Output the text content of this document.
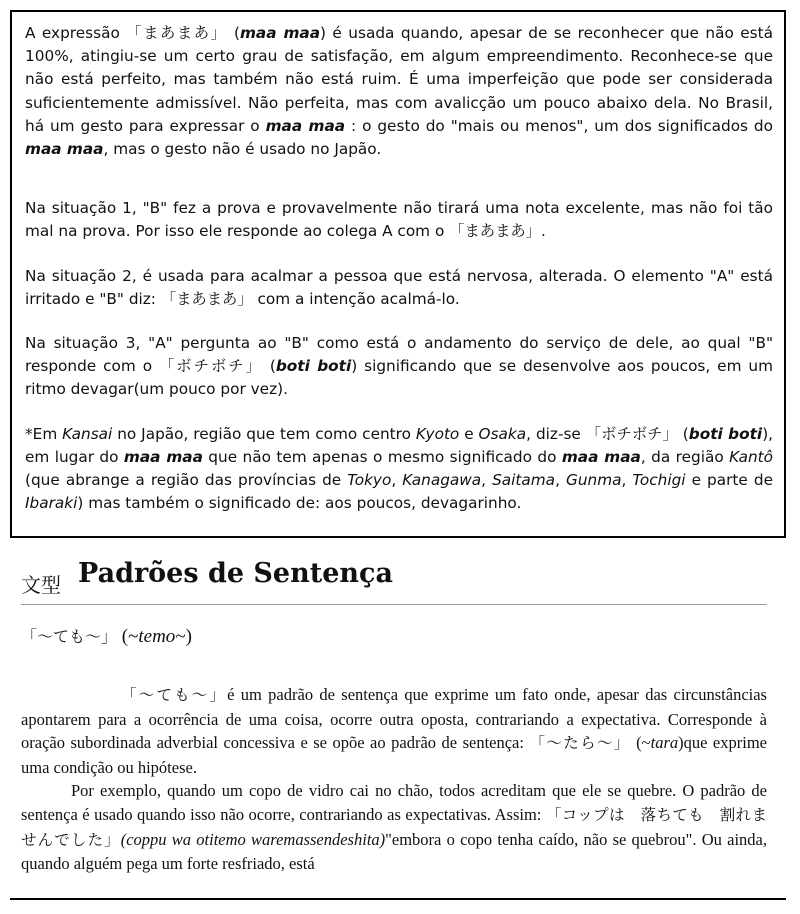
A expressão 「まあまあ」 (maa maa) é usada quando, apesar de se reconhecer que não está 100%, atingiu-se um certo grau de satisfação, em algum empreendimento. Reconhece-se que não está perfeito, mas também não está ruim. É uma imperfeição que pode ser considerada suficientemente admissível. Não perfeita, mas com avalicção um pouco abaixo dela. No Brasil, há um gesto para expressar o maa maa : o gesto do "mais ou menos", um dos significados do maa maa, mas o gesto não é usado no Japão.

Na situação 1, "B" fez a prova e provavelmente não tirará uma nota excelente, mas não foi tão mal na prova. Por isso ele responde ao colega A com o 「まあまあ」.

Na situação 2, é usada para acalmar a pessoa que está nervosa, alterada. O elemento "A" está irritado e "B" diz: 「まあまあ」 com a intenção acalmá-lo.

Na situação 3, "A" pergunta ao "B" como está o andamento do serviço de dele, ao qual "B" responde com o 「ボチボチ」 (boti boti) significando que se desenvolve aos poucos, em um ritmo devagar(um pouco por vez).

*Em Kansai no Japão, região que tem como centro Kyoto e Osaka, diz-se 「ボチボチ」 (boti boti), em lugar do maa maa que não tem apenas o mesmo significado do maa maa, da região Kantô (que abrange a região das províncias de Tokyo, Kanagawa, Saitama, Gunma, Tochigi e parte de Ibaraki) mas também o significado de: aos poucos, devagarinho.

文型 Padrões de Sentença
「～ても～」 (~temo~)

「～ても～」é um padrão de sentença que exprime um fato onde, apesar das circunstâncias apontarem para a ocorrência de uma coisa, ocorre outra oposta, contrariando a expectativa. Corresponde à oração subordinada adverbial concessiva e se opõe ao padrão de sentença: 「～たら～」 (~tara)que exprime uma condição ou hipótese.

Por exemplo, quando um copo de vidro cai no chão, todos acreditam que ele se quebre. O padrão de sentença é usado quando isso não ocorre, contrariando as expectativas. Assim: 「コップは　落ちても　割れませんでした」(coppu wa otitemo waremassendeshita)"embora o copo tenha caído, não se quebrou". Ou ainda, quando alguém pega um forte resfriado, está
